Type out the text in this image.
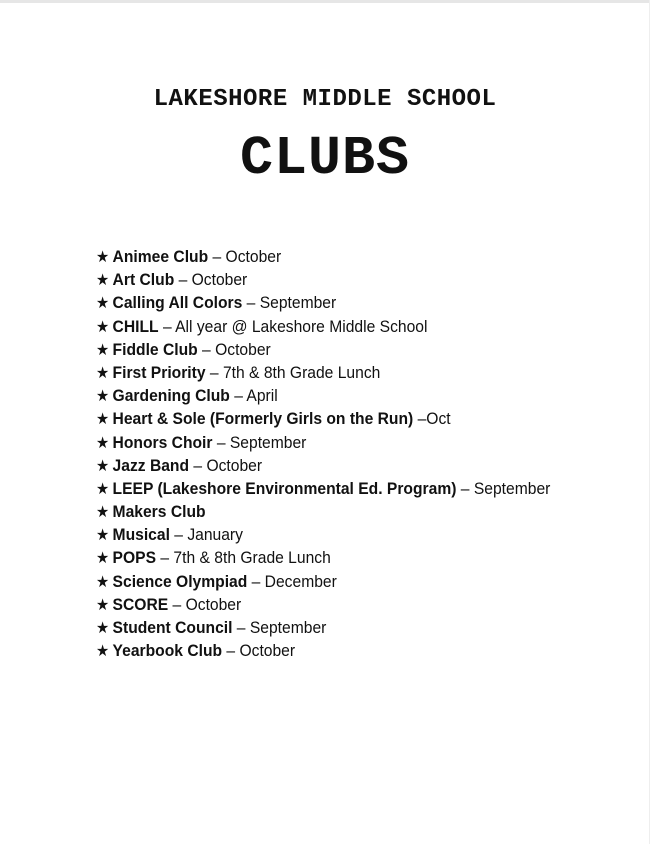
LAKESHORE MIDDLE SCHOOL
CLUBS
★ Animee Club – October
★ Art Club – October
★ Calling All Colors – September
★ CHILL – All year @ Lakeshore Middle School
★ Fiddle Club – October
★ First Priority – 7th & 8th Grade Lunch
★ Gardening Club – April
★ Heart & Sole (Formerly Girls on the Run) –Oct
★ Honors Choir – September
★ Jazz Band – October
★ LEEP (Lakeshore Environmental Ed. Program) – September
★ Makers Club
★ Musical – January
★ POPS – 7th & 8th Grade Lunch
★ Science Olympiad – December
★ SCORE – October
★ Student Council – September
★ Yearbook Club – October
